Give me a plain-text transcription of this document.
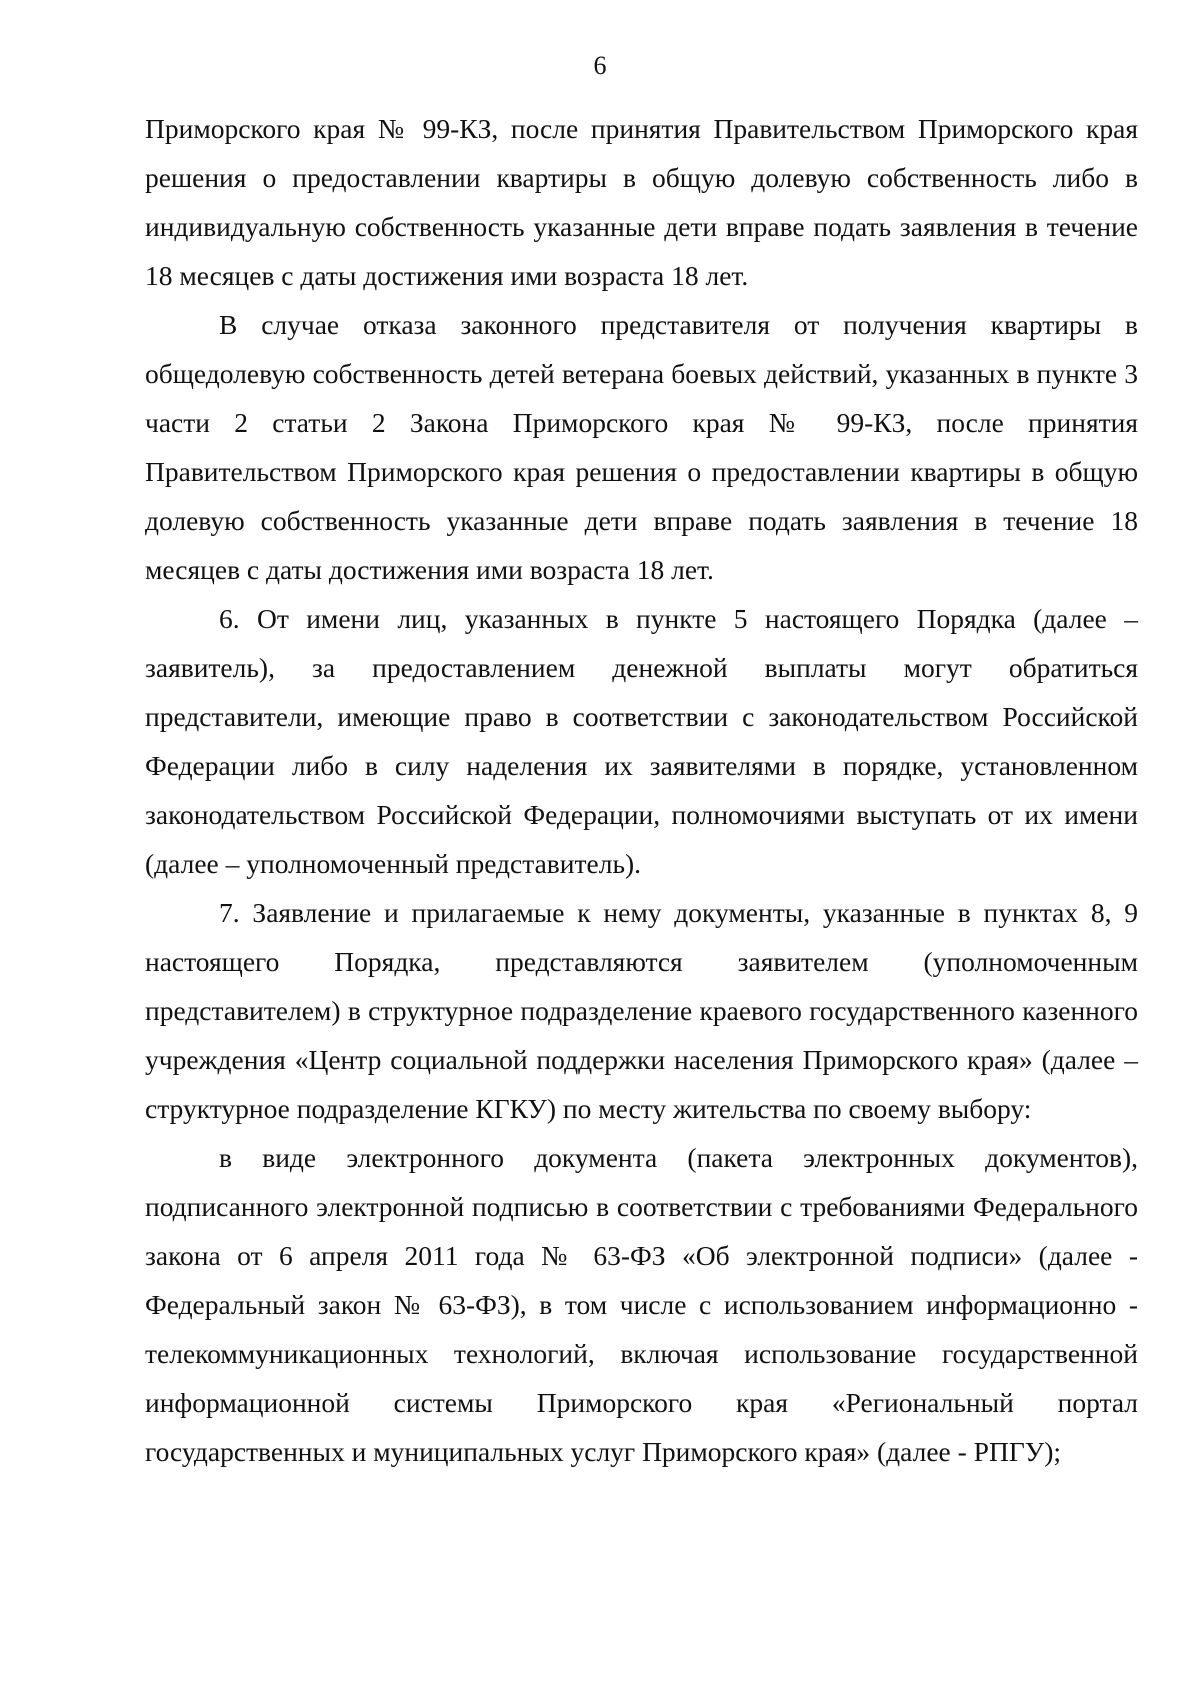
6

Приморского края № 99-КЗ, после принятия Правительством Приморского края решения о предоставлении квартиры в общую долевую собственность либо в индивидуальную собственность указанные дети вправе подать заявления в течение 18 месяцев с даты достижения ими возраста 18 лет.

В случае отказа законного представителя от получения квартиры в общедолевую собственность детей ветерана боевых действий, указанных в пункте 3 части 2 статьи 2 Закона Приморского края № 99-КЗ, после принятия Правительством Приморского края решения о предоставлении квартиры в общую долевую собственность указанные дети вправе подать заявления в течение 18 месяцев с даты достижения ими возраста 18 лет.

6. От имени лиц, указанных в пункте 5 настоящего Порядка (далее – заявитель), за предоставлением денежной выплаты могут обратиться представители, имеющие право в соответствии с законодательством Российской Федерации либо в силу наделения их заявителями в порядке, установленном законодательством Российской Федерации, полномочиями выступать от их имени (далее – уполномоченный представитель).

7. Заявление и прилагаемые к нему документы, указанные в пунктах 8, 9 настоящего Порядка, представляются заявителем (уполномоченным представителем) в структурное подразделение краевого государственного казенного учреждения «Центр социальной поддержки населения Приморского края» (далее – структурное подразделение КГКУ) по месту жительства по своему выбору:

в виде электронного документа (пакета электронных документов), подписанного электронной подписью в соответствии с требованиями Федерального закона от 6 апреля 2011 года № 63-ФЗ «Об электронной подписи» (далее - Федеральный закон № 63-ФЗ), в том числе с использованием информационно - телекоммуникационных технологий, включая использование государственной информационной системы Приморского края «Региональный портал государственных и муниципальных услуг Приморского края» (далее - РПГУ);
